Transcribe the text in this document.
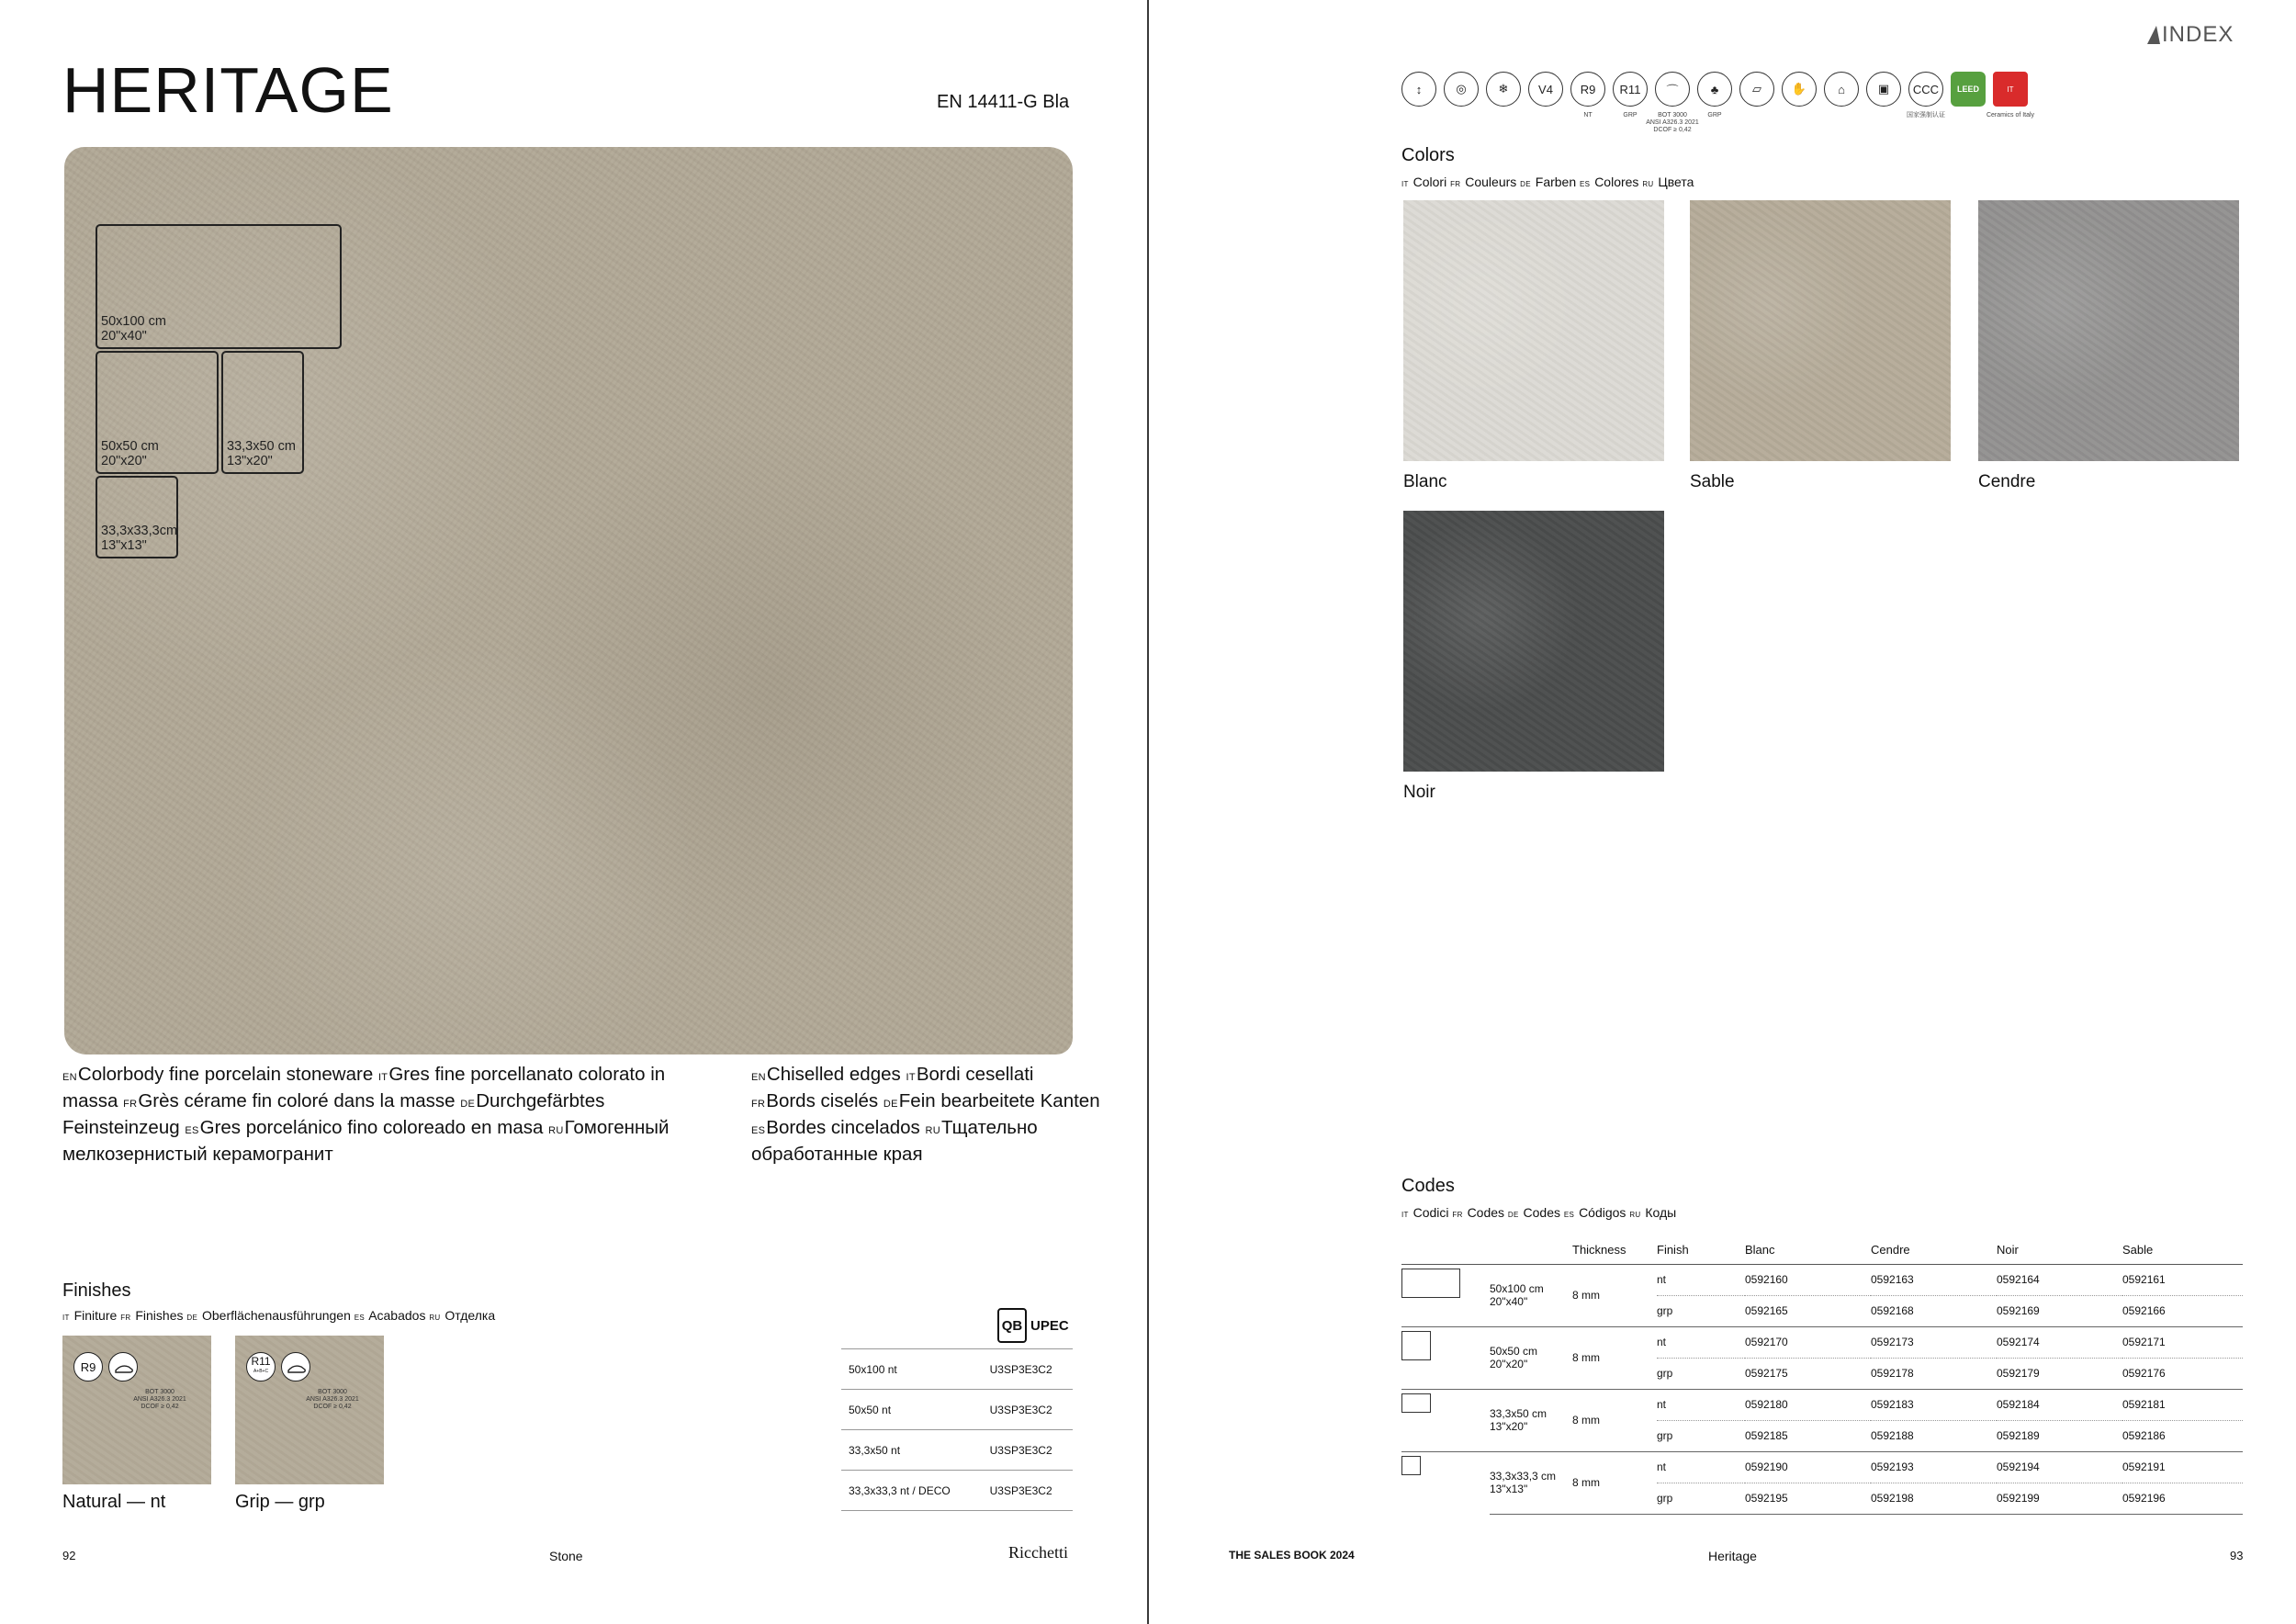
HERITAGE	EN 14411-G Bla
50x100 cm
20"x40"
50x50 cm
20"x20"
33,3x50 cm
13"x20"
33,3x33,3cm
13"x13"

ENColorbody fine porcelain stoneware ITGres fine porcellanato colorato in massa FRGrès cérame fin coloré dans la masse DEDurchgefärbtes Feinsteinzeug ESGres porcelánico fino coloreado en masa RUГомогенный мелкозернистый керамогранит

ENChiselled edges ITBordi cesellati FRBords ciselés DEFein bearbeitete Kanten ESBordes cincelados RUТщательно обработанные края

Finishes
IT Finiture FR Finishes DE Oberflächenausführungen ES Acabados RU Отделка
R9
BOT 3000
ANSI A326.3 2021
DCOF ≥ 0,42
R11
A+B+C
BOT 3000
ANSI A326.3 2021
DCOF ≥ 0,42
Natural — nt	Grip — grp
QB UPEC
50x100 nt	U3SP3E3C2
50x50 nt	U3SP3E3C2
33,3x50 nt	U3SP3E3C2
33,3x33,3 nt / DECO	U3SP3E3C2
92	Stone	Ricchetti
INDEX
↕	◎	❄	V4	R9
NT
R11
GRP
⌒
BOT 3000
ANSI A326.3 2021
DCOF ≥ 0,42
♣
GRP
▱	✋	⌂	▣	CCC
国家强制认证
LEED	IT
Ceramics of Italy
Colors
IT Colori FR Couleurs DE Farben ES Colores RU Цвета
Blanc	Sable	Cendre
Noir
Codes
IT Codici FR Codes DE Codes ES Códigos RU Коды
		Thickness	Finish	Blanc	Cendre	Noir	Sable

	50x100 cm
20"x40"	8 mm	nt	0592160	0592163	0592164	0592161
			grp	0592165	0592168	0592169	0592166

	50x50 cm
20"x20"	8 mm	nt	0592170	0592173	0592174	0592171
			grp	0592175	0592178	0592179	0592176

	33,3x50 cm
13"x20"	8 mm	nt	0592180	0592183	0592184	0592181
			grp	0592185	0592188	0592189	0592186

	33,3x33,3 cm
13"x13"	8 mm	nt	0592190	0592193	0592194	0592191
			grp	0592195	0592198	0592199	0592196
THE SALES BOOK 2024	Heritage	93
